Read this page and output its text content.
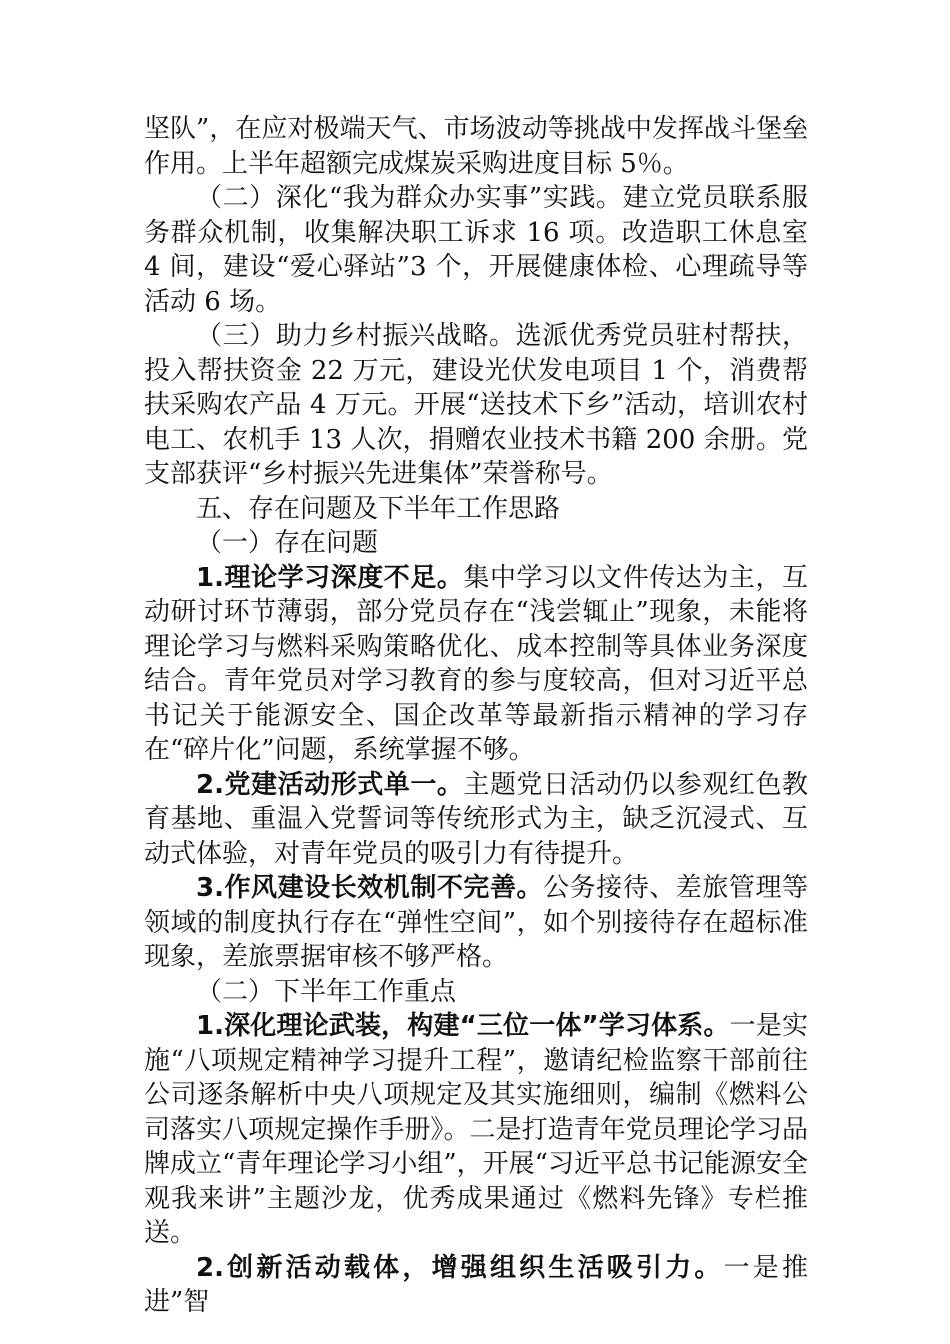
坚队”，在应对极端天气、市场波动等挑战中发挥战斗堡垒作用。上半年超额完成煤炭采购进度目标 5％。

（二）深化“我为群众办实事”实践。建立党员联系服务群众机制，收集解决职工诉求 16 项。改造职工休息室 4 间，建设“爱心驿站”3 个，开展健康体检、心理疏导等活动 6 场。

（三）助力乡村振兴战略。选派优秀党员驻村帮扶，投入帮扶资金 22 万元，建设光伏发电项目 1 个，消费帮扶采购农产品 4 万元。开展“送技术下乡”活动，培训农村电工、农机手 13 人次，捐赠农业技术书籍 200 余册。党支部获评“乡村振兴先进集体”荣誉称号。

五、存在问题及下半年工作思路

（一）存在问题

1.理论学习深度不足。集中学习以文件传达为主，互动研讨环节薄弱，部分党员存在“浅尝辄止”现象，未能将理论学习与燃料采购策略优化、成本控制等具体业务深度结合。青年党员对学习教育的参与度较高，但对习近平总书记关于能源安全、国企改革等最新指示精神的学习存在“碎片化”问题，系统掌握不够。

2.党建活动形式单一。主题党日活动仍以参观红色教育基地、重温入党誓词等传统形式为主，缺乏沉浸式、互动式体验，对青年党员的吸引力有待提升。

3.作风建设长效机制不完善。公务接待、差旅管理等领域的制度执行存在“弹性空间”，如个别接待存在超标准现象，差旅票据审核不够严格。

（二）下半年工作重点

1.深化理论武装，构建“三位一体”学习体系。一是实施“八项规定精神学习提升工程”，邀请纪检监察干部前往公司逐条解析中央八项规定及其实施细则，编制《燃料公司落实八项规定操作手册》。二是打造青年党员理论学习品牌成立“青年理论学习小组”，开展“习近平总书记能源安全观我来讲”主题沙龙，优秀成果通过《燃料先锋》专栏推送。

2.创新活动载体，增强组织生活吸引力。一是推进”智
